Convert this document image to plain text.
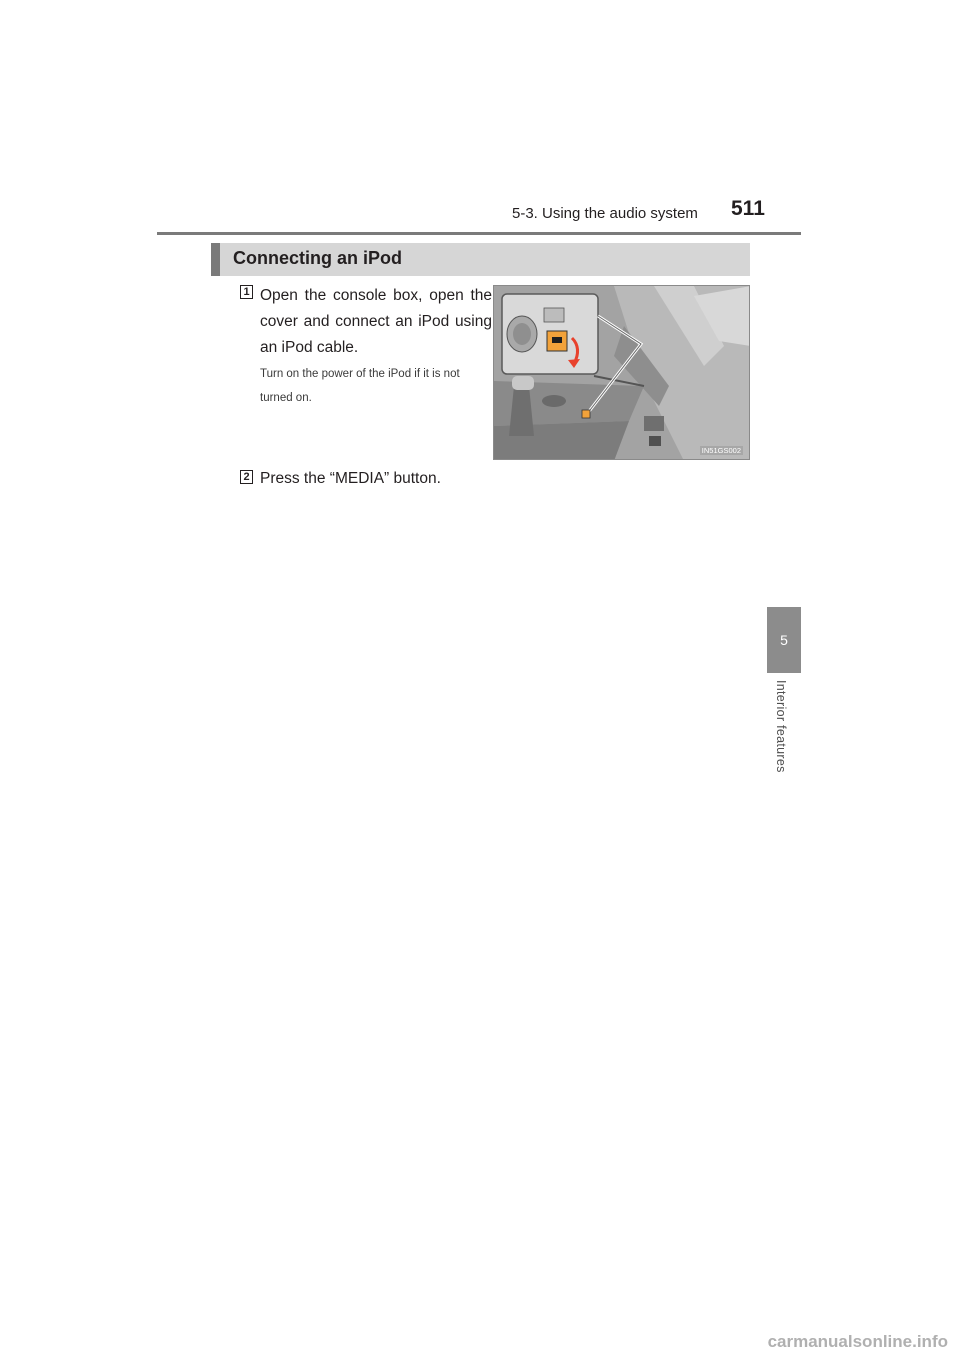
5-3. Using the audio system 511
5
Interior features
Connecting an iPod
1 Open the console box, open the cover and connect an iPod using an iPod cable.
Turn on the power of the iPod if it is not turned on.
2 Press the “MEDIA” button.
IN51GS002
carmanualsonline.info
